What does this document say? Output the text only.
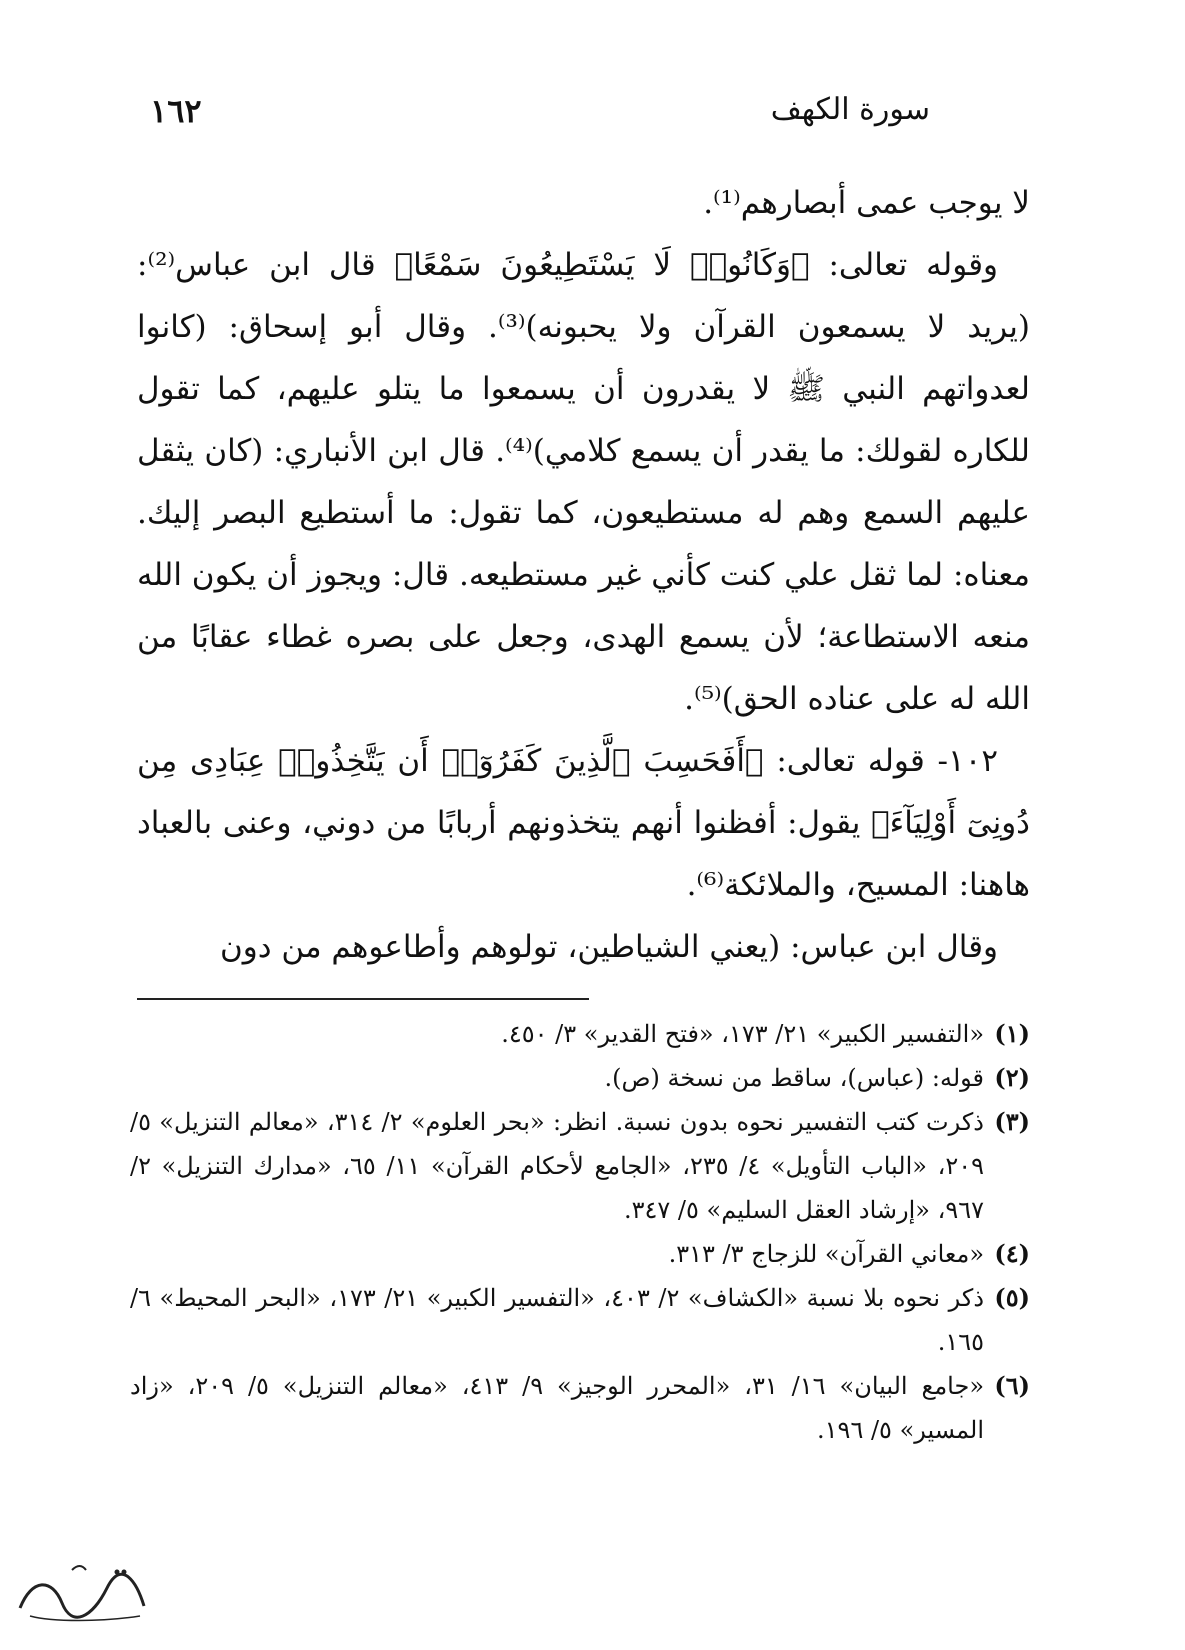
١٦٢	سورة الكهف

لا يوجب عمى أبصارهم⁽¹⁾.

وقوله تعالى: ﴿وَكَانُوا۟ لَا يَسْتَطِيعُونَ سَمْعًا﴾ قال ابن عباس⁽²⁾: (يريد لا يسمعون القرآن ولا يحبونه)⁽³⁾. وقال أبو إسحاق: (كانوا لعدواتهم النبي ﷺ لا يقدرون أن يسمعوا ما يتلو عليهم، كما تقول للكاره لقولك: ما يقدر أن يسمع كلامي)⁽⁴⁾. قال ابن الأنباري: (كان يثقل عليهم السمع وهم له مستطيعون، كما تقول: ما أستطيع البصر إليك. معناه: لما ثقل علي كنت كأني غير مستطيعه. قال: ويجوز أن يكون الله منعه الاستطاعة؛ لأن يسمع الهدى، وجعل على بصره غطاء عقابًا من الله له على عناده الحق)⁽⁵⁾.

١٠٢- قوله تعالى: ﴿أَفَحَسِبَ ٱلَّذِينَ كَفَرُوٓا۟ أَن يَتَّخِذُوا۟ عِبَادِى مِن دُونِىٓ أَوْلِيَآءَ﴾ يقول: أفظنوا أنهم يتخذونهم أربابًا من دوني، وعنى بالعباد هاهنا: المسيح، والملائكة⁽⁶⁾.

وقال ابن عباس: (يعني الشياطين، تولوهم وأطاعوهم من دون

(١)
«التفسير الكبير» ٢١/ ١٧٣، «فتح القدير» ٣/ ٤٥٠.
(٢)
قوله: (عباس)، ساقط من نسخة (ص).
(٣)
ذكرت كتب التفسير نحوه بدون نسبة. انظر: «بحر العلوم» ٢/ ٣١٤، «معالم التنزيل» ٥/ ٢٠٩، «الباب التأويل» ٤/ ٢٣٥، «الجامع لأحكام القرآن» ١١/ ٦٥، «مدارك التنزيل» ٢/ ٩٦٧، «إرشاد العقل السليم» ٥/ ٣٤٧.
(٤)
«معاني القرآن» للزجاج ٣/ ٣١٣.
(٥)
ذكر نحوه بلا نسبة «الكشاف» ٢/ ٤٠٣، «التفسير الكبير» ٢١/ ١٧٣، «البحر المحيط» ٦/ ١٦٥.
(٦)
«جامع البيان» ١٦/ ٣١، «المحرر الوجيز» ٩/ ٤١٣، «معالم التنزيل» ٥/ ٢٠٩، «زاد المسير» ٥/ ١٩٦.
